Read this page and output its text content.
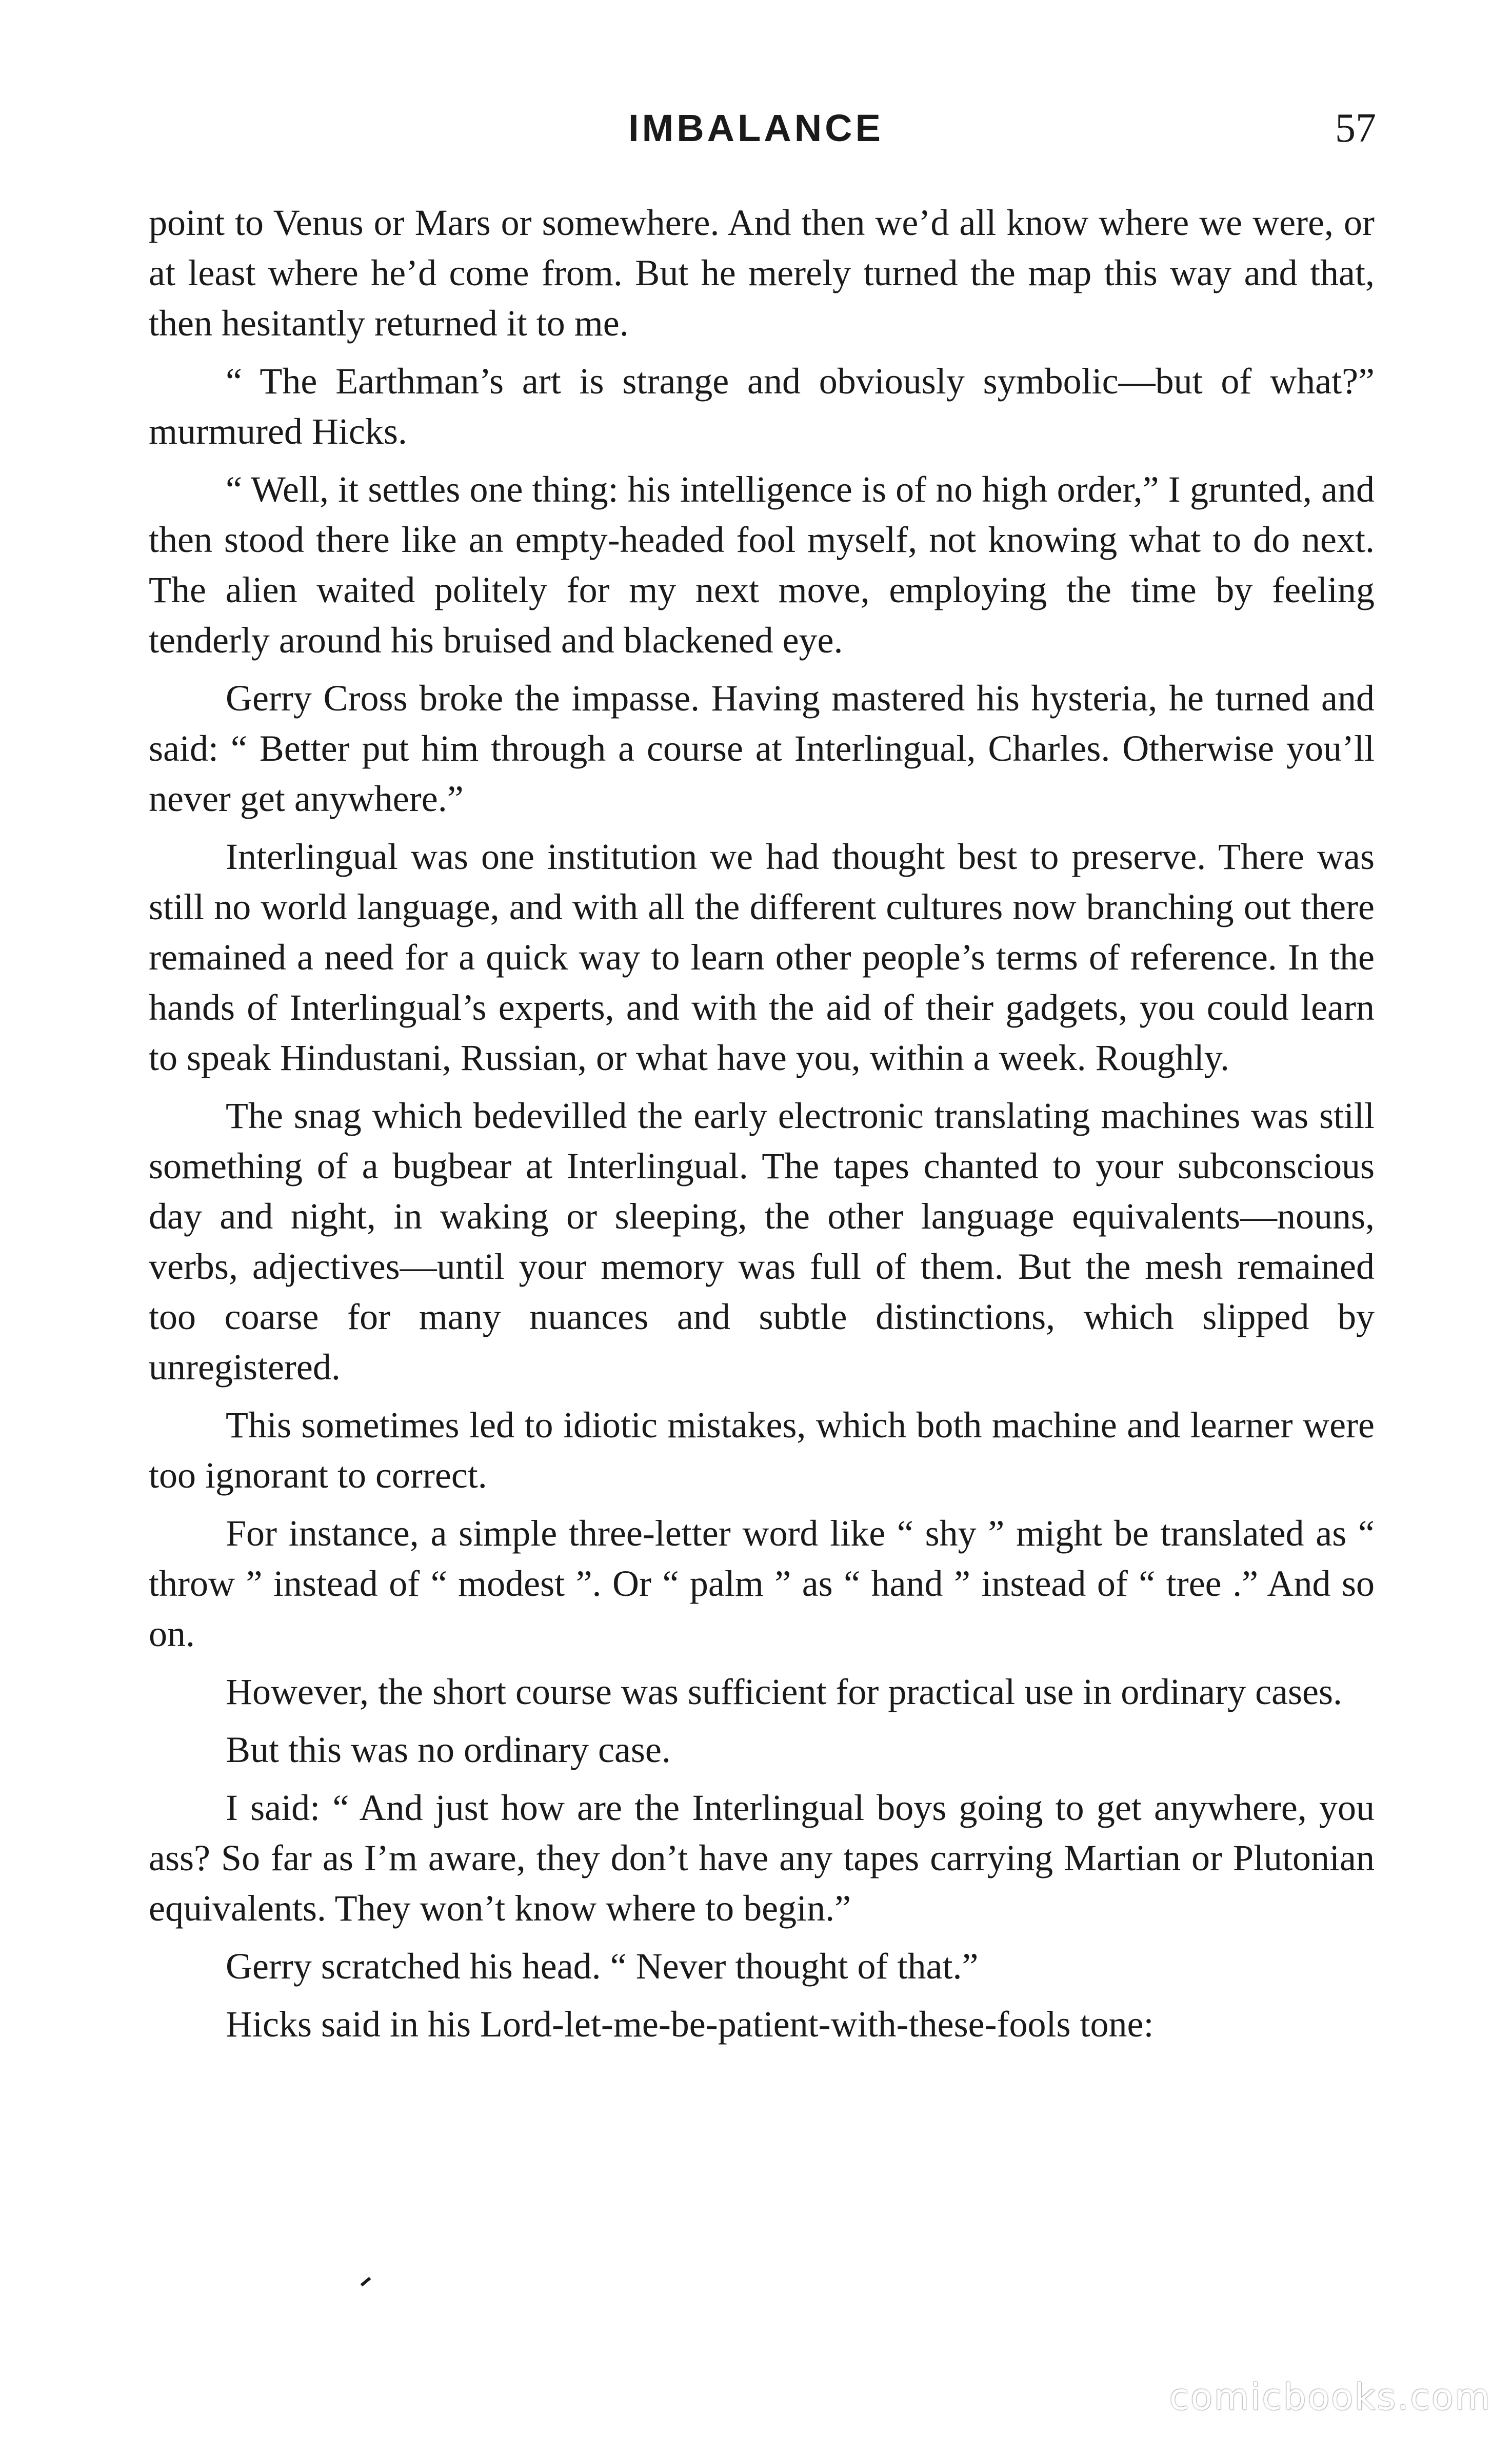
IMBALANCE	57

point to Venus or Mars or somewhere. And then we’d all know where we were, or at least where he’d come from. But he merely turned the map this way and that, then hesitantly returned it to me.

“ The Earthman’s art is strange and obviously symbolic—but of what?” murmured Hicks.

“ Well, it settles one thing: his intelligence is of no high order,” I grunted, and then stood there like an empty-headed fool myself, not knowing what to do next. The alien waited politely for my next move, employing the time by feeling tenderly around his bruised and blackened eye.

Gerry Cross broke the impasse. Having mastered his hysteria, he turned and said: “ Better put him through a course at Interlingual, Charles. Otherwise you’ll never get anywhere.”

Interlingual was one institution we had thought best to preserve. There was still no world language, and with all the different cultures now branching out there remained a need for a quick way to learn other people’s terms of reference. In the hands of Interlingual’s experts, and with the aid of their gadgets, you could learn to speak Hindustani, Russian, or what have you, within a week. Roughly.

The snag which bedevilled the early electronic translating machines was still something of a bugbear at Interlingual. The tapes chanted to your subconscious day and night, in waking or sleeping, the other language equivalents—nouns, verbs, adjectives—until your memory was full of them. But the mesh remained too coarse for many nuances and subtle distinctions, which slipped by unregistered.

This sometimes led to idiotic mistakes, which both machine and learner were too ignorant to correct.

For instance, a simple three-letter word like “ shy ” might be translated as “ throw ” instead of “ modest ”. Or “ palm ” as “ hand ” instead of “ tree .” And so on.

However, the short course was sufficient for practical use in ordinary cases.

But this was no ordinary case.

I said: “ And just how are the Interlingual boys going to get anywhere, you ass? So far as I’m aware, they don’t have any tapes carrying Martian or Plutonian equivalents. They won’t know where to begin.”

Gerry scratched his head. “ Never thought of that.”

Hicks said in his Lord-let-me-be-patient-with-these-fools tone:

comicbooks.com
